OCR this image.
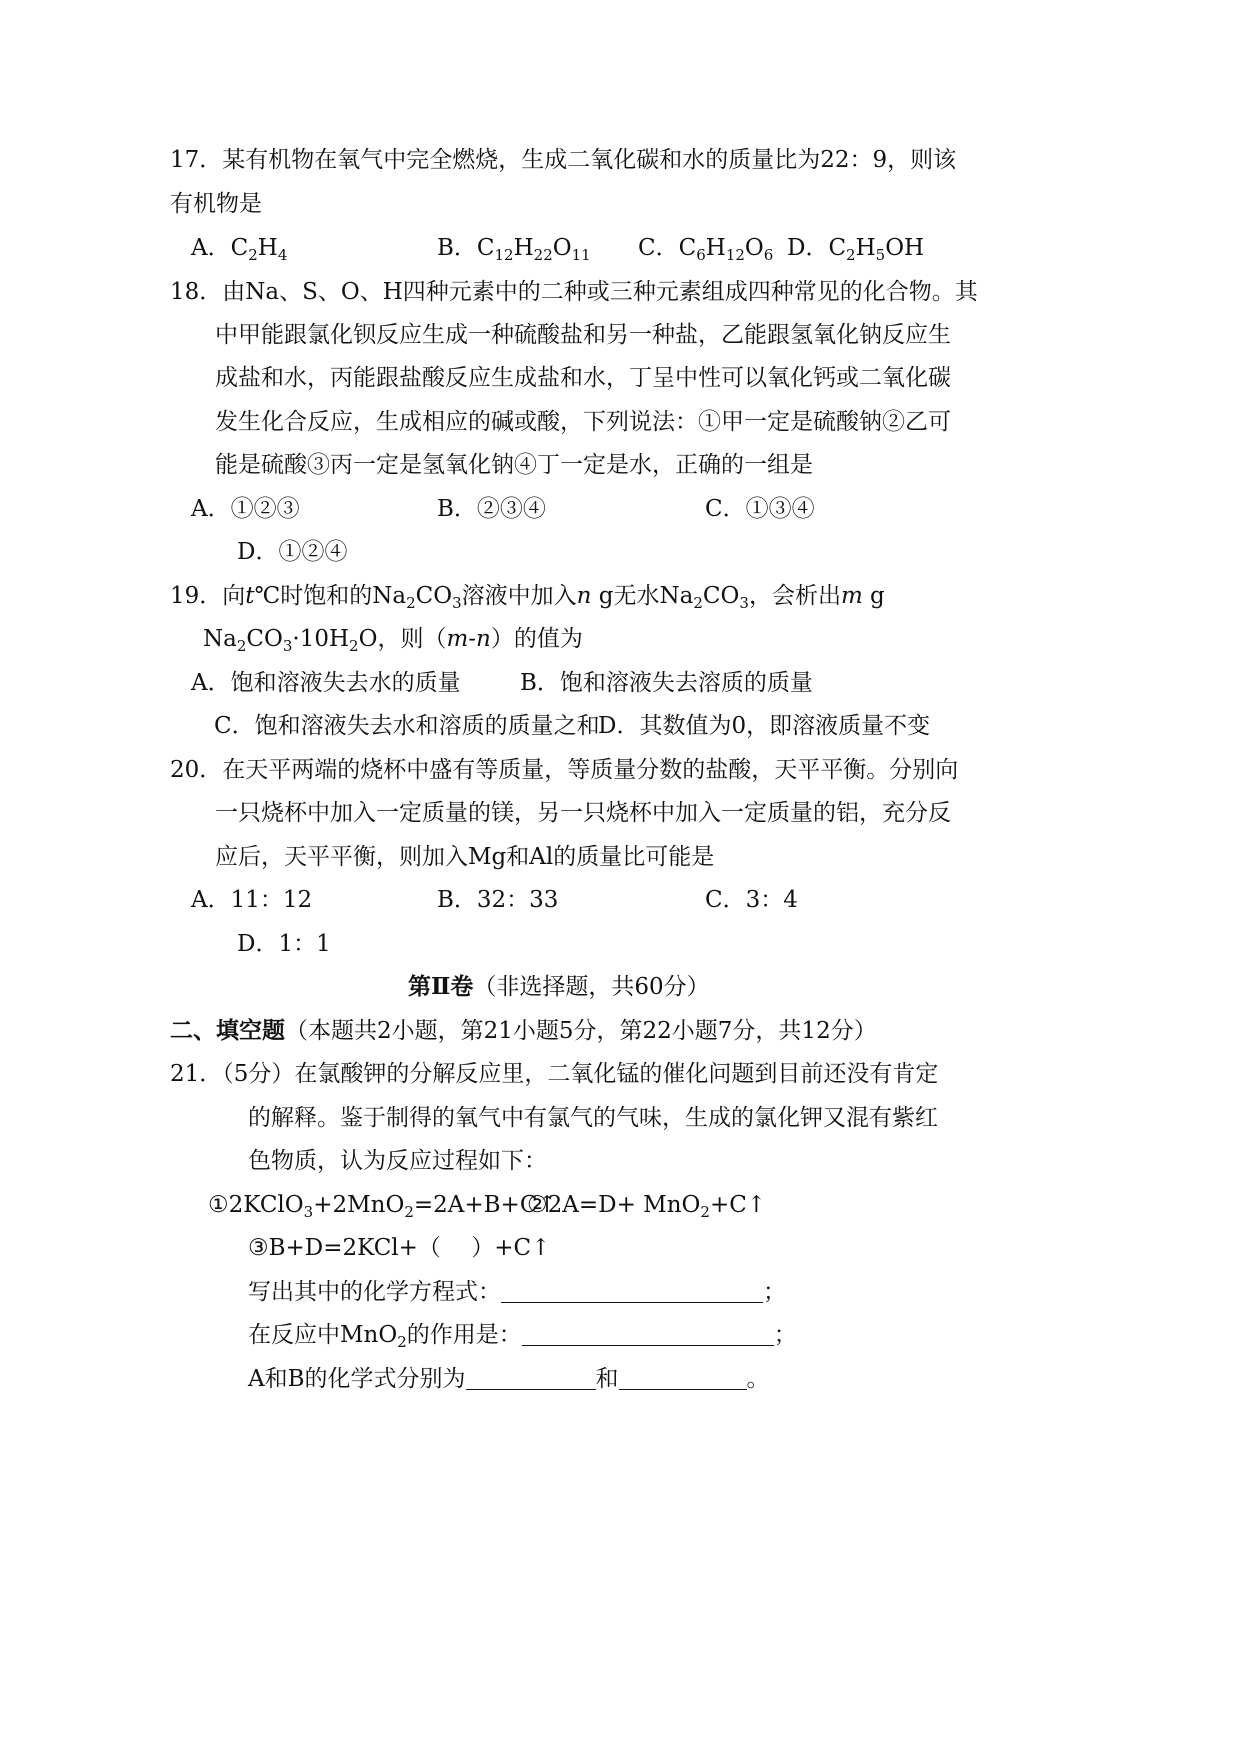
17．某有机物在氧气中完全燃烧，生成二氧化碳和水的质量比为22：9，则该
有机物是
A．$C_2H_4$	B．$C_{12}H_{22}O_{11}$ C．$C_6H_{12}O_6$ D．$C_2H_5OH$
18．由Na、S、O、H四种元素中的二种或三种元素组成四种常见的化合物。其
中甲能跟氯化钡反应生成一种硫酸盐和另一种盐，乙能跟氢氧化钠反应生
成盐和水，丙能跟盐酸反应生成盐和水，丁呈中性可以氧化钙或二氧化碳
发生化合反应，生成相应的碱或酸，下列说法：①甲一定是硫酸钠②乙可
能是硫酸③丙一定是氢氧化钠④丁一定是水，正确的一组是
A．①②③	B．②③④	C．①③④
D．①②④
19．向t℃时饱和的$Na_2CO_3$溶液中加入n g无水$Na_2CO_3$，会析出m g
$Na_2CO_3\cdot 10H_2O$，则（m-n）的值为
A．饱和溶液失去水的质量	B．饱和溶液失去溶质的质量
C．饱和溶液失去水和溶质的质量之和
D．其数值为0，即溶液质量不变
20．在天平两端的烧杯中盛有等质量，等质量分数的盐酸，天平平衡。分别向
一只烧杯中加入一定质量的镁，另一只烧杯中加入一定质量的铝，充分反
应后，天平平衡，则加入Mg和Al的质量比可能是
A．11：12	B．32：33	C．3：4
D．1：1
第Ⅱ卷（非选择题，共60分）
二、填空题（本题共2小题，第21小题5分，第22小题7分，共12分）
21．（5分）在氯酸钾的分解反应里，二氧化锰的催化问题到目前还没有肯定
的解释。鉴于制得的氧气中有氯气的气味，生成的氯化钾又混有紫红
色物质，认为反应过程如下：
①2KClO$_3$+2MnO$_2$=2A+B+C↑
②2A=D+ MnO$_2$+C↑
③B+D=2KCl+（　 ）+C↑
写出其中的化学方程式：	；
在反应中MnO$_2$的作用是：	；
A和B的化学式分别为	和	。
